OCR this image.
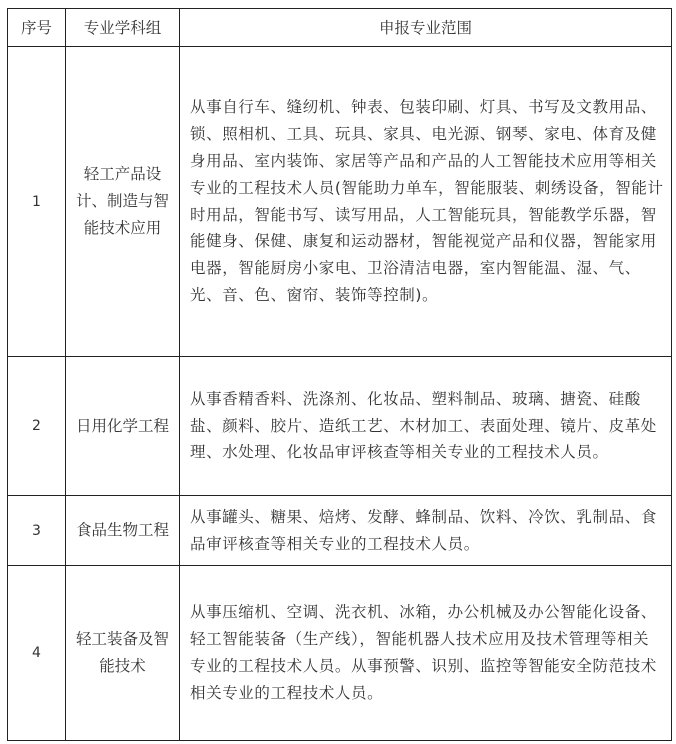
序号	专业学科组	申报专业范围
1	轻工产品设计、制造与智能技术应用	从事自行车、缝纫机、钟表、包装印刷、灯具、书写及文教用品、锁、照相机、工具、玩具、家具、电光源、钢琴、家电、体育及健身用品、室内装饰、家居等产品和产品的人工智能技术应用等相关专业的工程技术人员(智能助力单车，智能服装、刺绣设备，智能计时用品，智能书写、读写用品，人工智能玩具，智能教学乐器，智能健身、保健、康复和运动器材，智能视觉产品和仪器，智能家用电器，智能厨房小家电、卫浴清洁电器，室内智能温、湿、气、光、音、色、窗帘、装饰等控制)。
2	日用化学工程	从事香精香料、洗涤剂、化妆品、塑料制品、玻璃、搪瓷、硅酸盐、颜料、胶片、造纸工艺、木材加工、表面处理、镜片、皮革处理、水处理、化妆品审评核查等相关专业的工程技术人员。
3	食品生物工程	从事罐头、糖果、焙烤、发酵、蜂制品、饮料、冷饮、乳制品、食品审评核查等相关专业的工程技术人员。
4	轻工装备及智能技术	从事压缩机、空调、洗衣机、冰箱，办公机械及办公智能化设备、轻工智能装备（生产线），智能机器人技术应用及技术管理等相关专业的工程技术人员。从事预警、识别、监控等智能安全防范技术
相关专业的工程技术人员。
